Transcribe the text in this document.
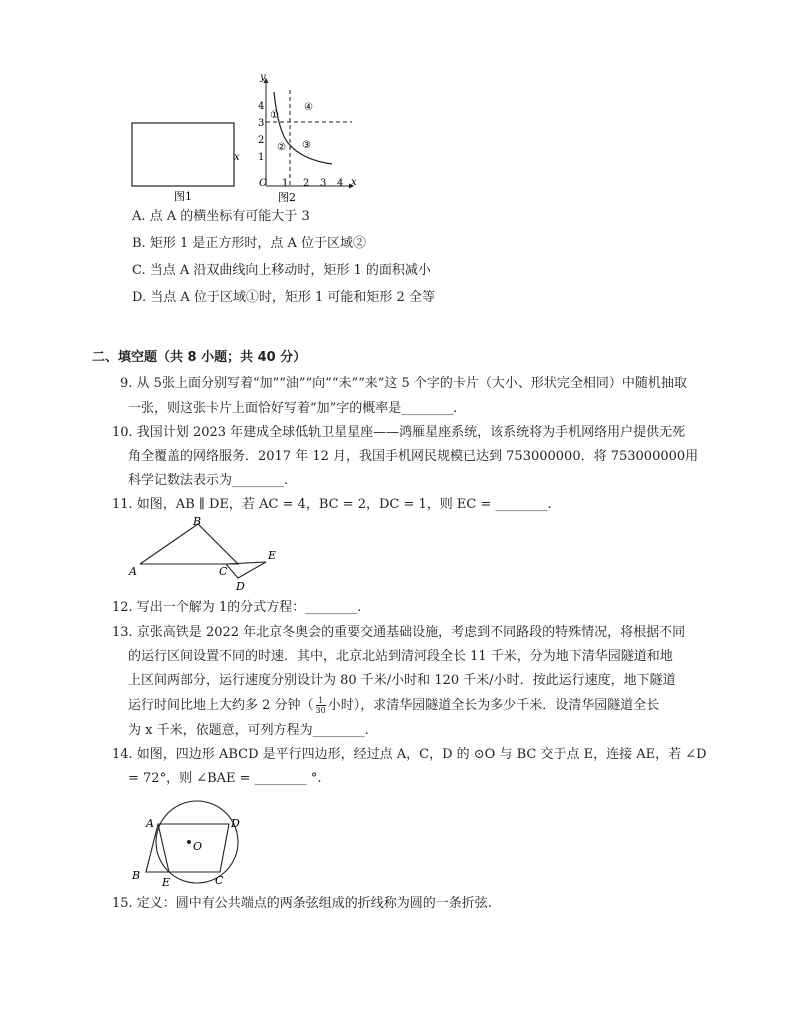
x
图1
y
x
O
4
3
2
1
1 2 3 4
①
② ③
④
图2
A. 点 A 的横坐标有可能大于 3
B. 矩形 1 是正方形时，点 A 位于区域②
C. 当点 A 沿双曲线向上移动时，矩形 1 的面积减小
D. 当点 A 位于区域①时，矩形 1 可能和矩形 2 全等
二、填空题（共 8 小题；共 40 分）
9. 从 5张上面分别写着“加”“油”“向”“未”“来”这 5 个字的卡片（大小、形状完全相同）中随机抽取
一张，则这张卡片上面恰好写着“加”字的概率是________.
10. 我国计划 2023 年建成全球低轨卫星星座——鸿雁星座系统，该系统将为手机网络用户提供无死
角全覆盖的网络服务．2017 年 12 月，我国手机网民规模已达到 753000000．将 753000000用
科学记数法表示为________.
11. 如图，AB ∥ DE，若 AC = 4，BC = 2，DC = 1，则 EC = ________.
A
B
C
D
E
12. 写出一个解为 1的分式方程：________.
13. 京张高铁是 2022 年北京冬奥会的重要交通基础设施，考虑到不同路段的特殊情况，将根据不同
的运行区间设置不同的时速．其中，北京北站到清河段全长 11 千米，分为地下清华园隧道和地
上区间两部分，运行速度分别设计为 80 千米/小时和 120 千米/小时．按此运行速度，地下隧道
运行时间比地上大约多 2 分钟（ $\frac{1}{30}$ 小时），求清华园隧道全长为多少千米．设清华园隧道全长
为 x 千米，依题意，可列方程为________.
14. 如图，四边形 ABCD 是平行四边形，经过点 A，C，D 的 ⊙O 与 BC 交于点 E，连接 AE，若 ∠D
= 72°，则 ∠BAE = ________ °.
A	D
O
B
E	C
15. 定义：圆中有公共端点的两条弦组成的折线称为圆的一条折弦.
